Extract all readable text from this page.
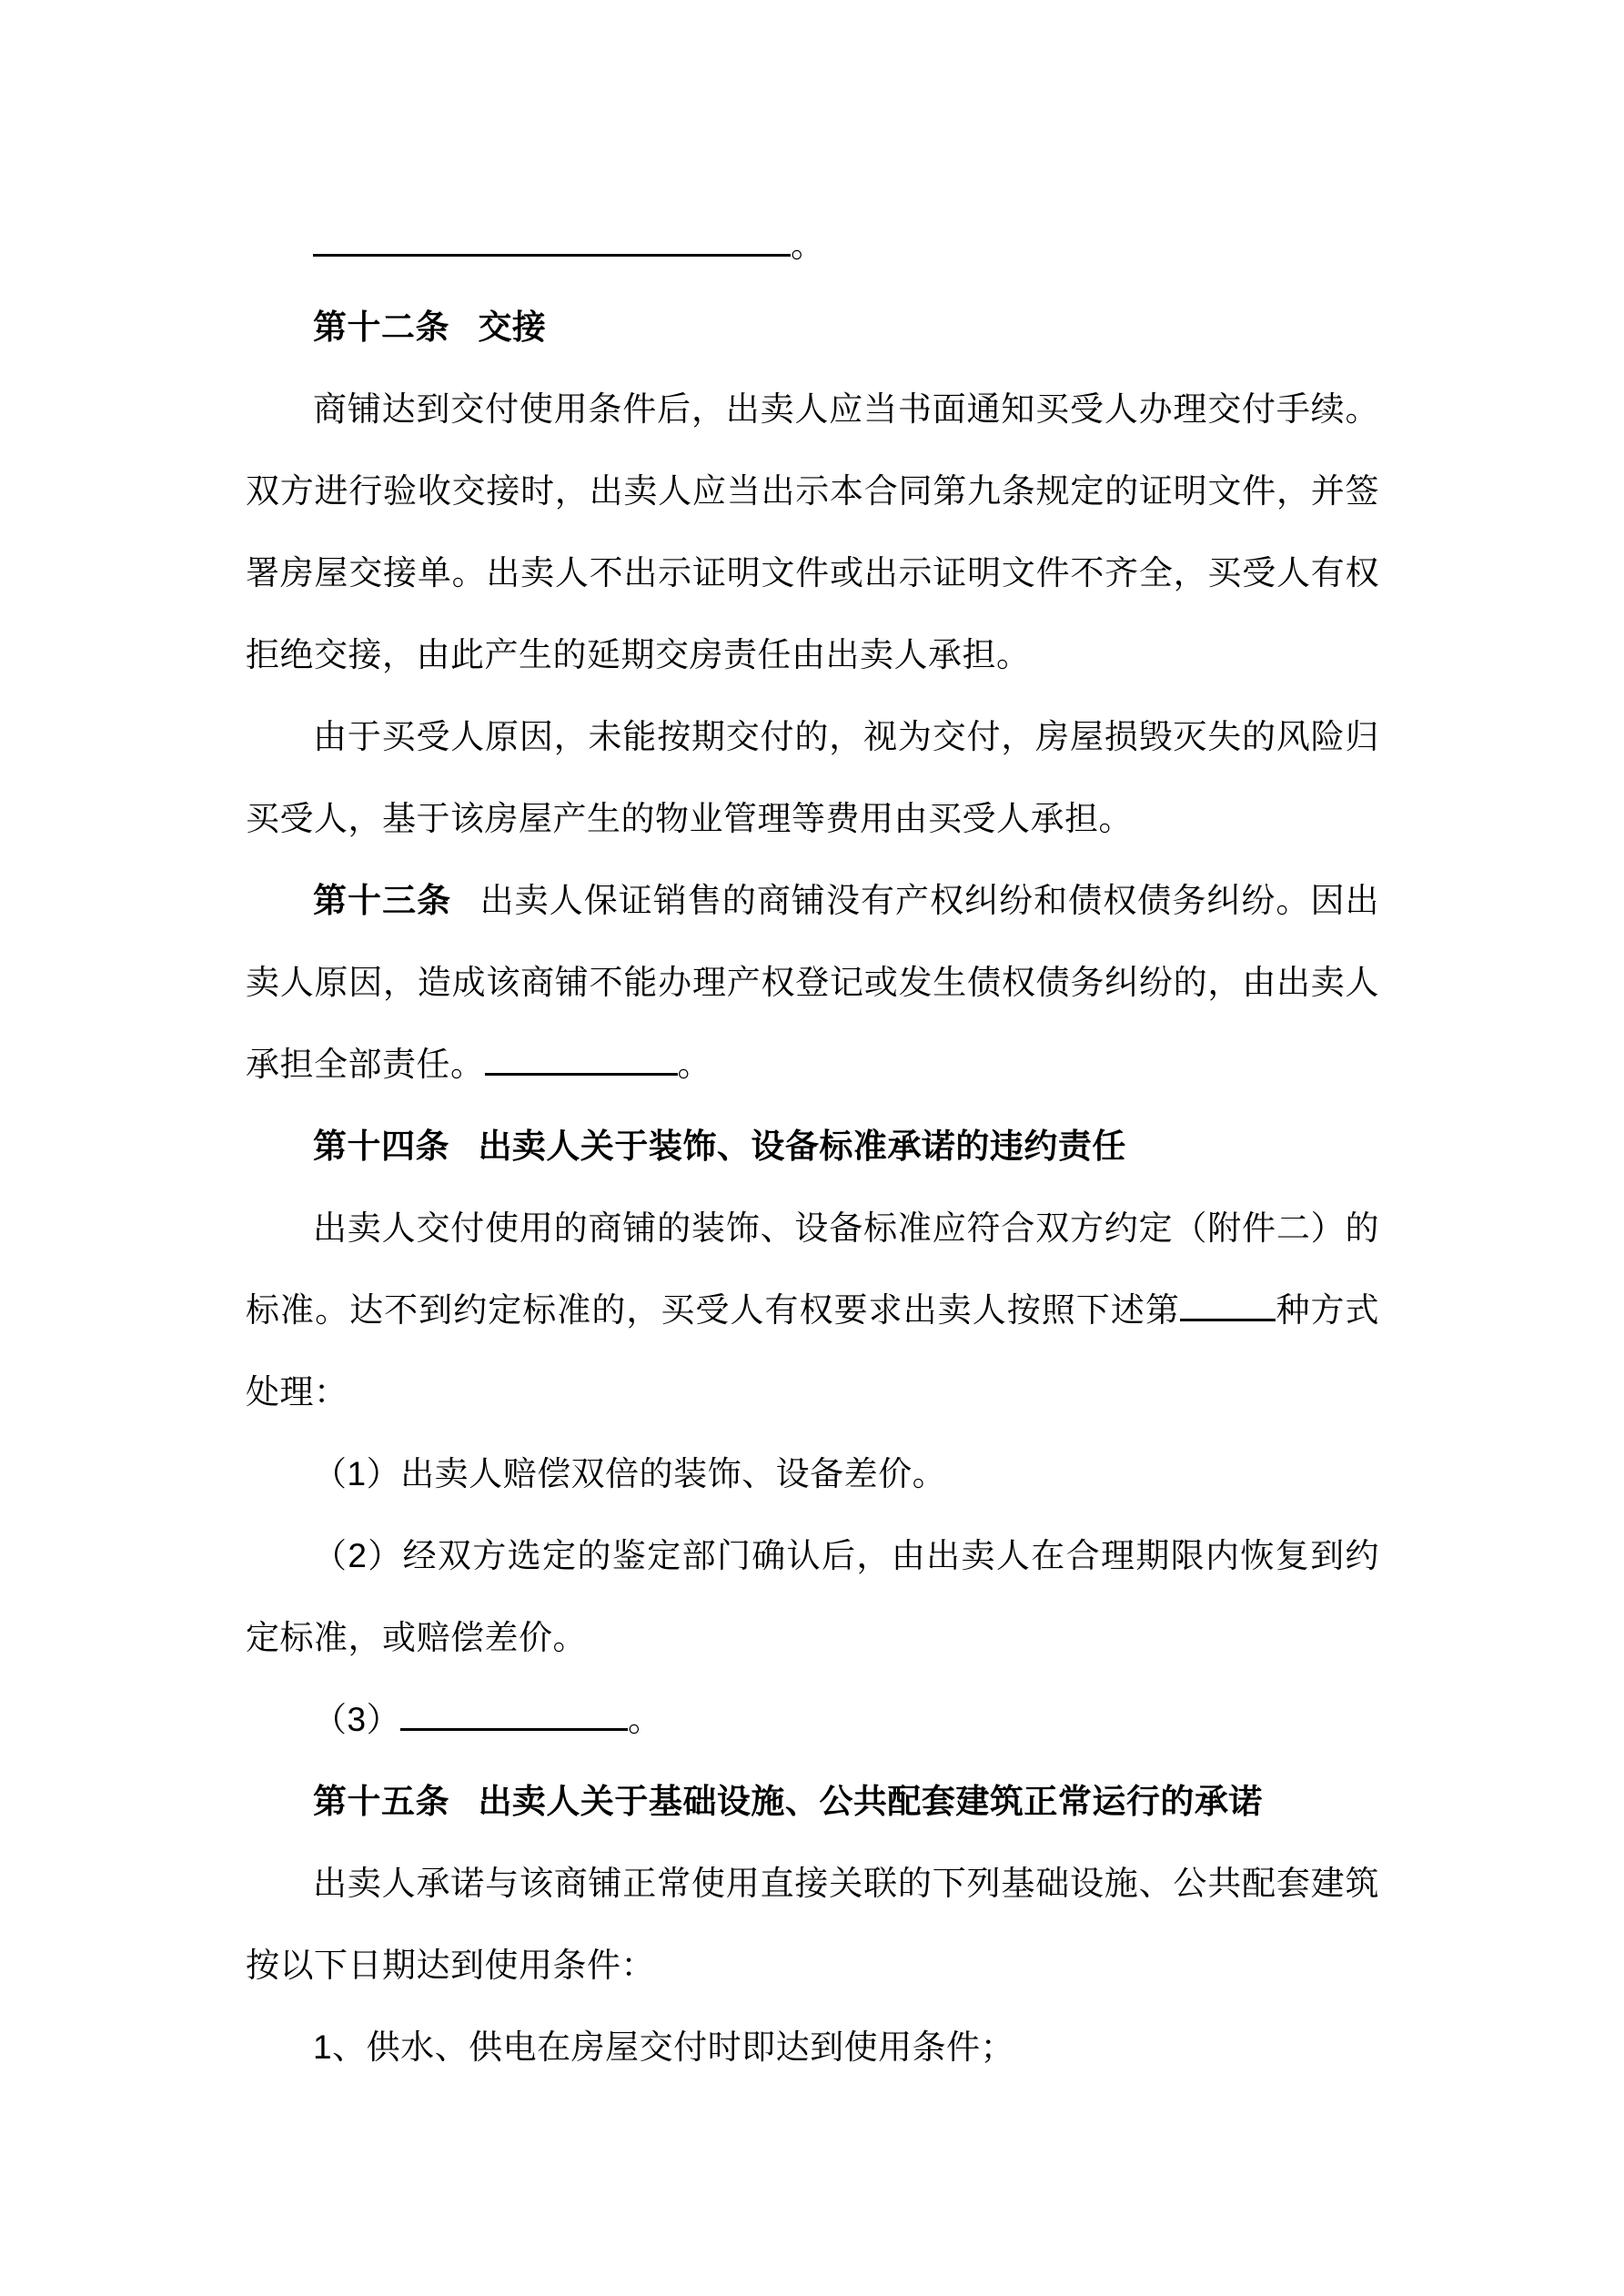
。

第十二条 交接

商铺达到交付使用条件后，出卖人应当书面通知买受人办理交付手续。双方进行验收交接时，出卖人应当出示本合同第九条规定的证明文件，并签署房屋交接单。出卖人不出示证明文件或出示证明文件不齐全，买受人有权拒绝交接，由此产生的延期交房责任由出卖人承担。

由于买受人原因，未能按期交付的，视为交付，房屋损毁灭失的风险归买受人，基于该房屋产生的物业管理等费用由买受人承担。

第十三条 出卖人保证销售的商铺没有产权纠纷和债权债务纠纷。因出卖人原因，造成该商铺不能办理产权登记或发生债权债务纠纷的，由出卖人承担全部责任。	。

第十四条 出卖人关于装饰、设备标准承诺的违约责任

出卖人交付使用的商铺的装饰、设备标准应符合双方约定（附件二）的标准。达不到约定标准的，买受人有权要求出卖人按照下述第	种方式处理：

（1）出卖人赔偿双倍的装饰、设备差价。

（2）经双方选定的鉴定部门确认后，由出卖人在合理期限内恢复到约定标准，或赔偿差价。

（3）	。

第十五条 出卖人关于基础设施、公共配套建筑正常运行的承诺

出卖人承诺与该商铺正常使用直接关联的下列基础设施、公共配套建筑按以下日期达到使用条件：

1、供水、供电在房屋交付时即达到使用条件；
